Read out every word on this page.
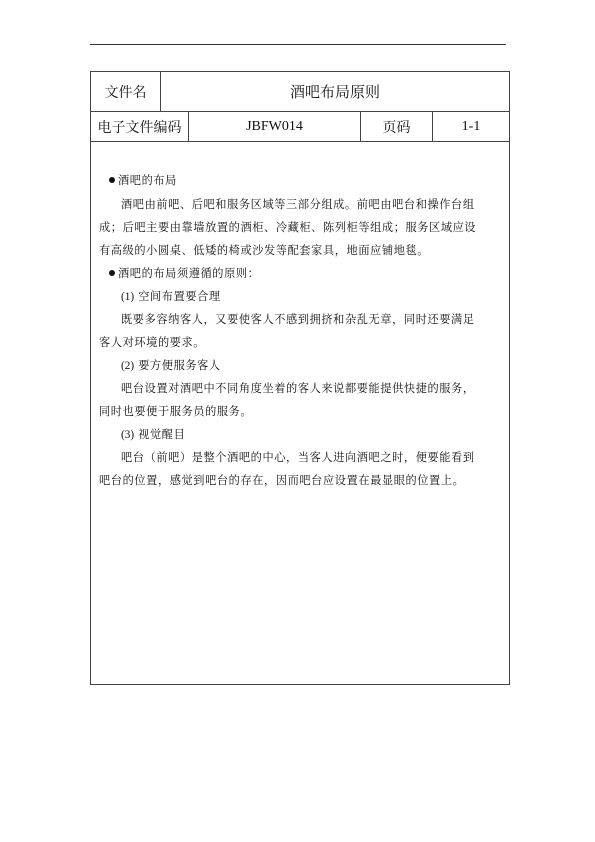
文件名	酒吧布局原则
电子文件编码	JBFW014	页码	1-1
酒吧的布局
酒吧由前吧、后吧和服务区域等三部分组成。前吧由吧台和操作台组
成；后吧主要由靠墙放置的酒柜、冷藏柜、陈列柜等组成；服务区域应设
有高级的小圆桌、低矮的椅或沙发等配套家具，地面应铺地毯。
酒吧的布局须遵循的原则：
(1) 空间布置要合理
既要多容纳客人，又要使客人不感到拥挤和杂乱无章，同时还要满足
客人对环境的要求。
(2) 要方便服务客人
吧台设置对酒吧中不同角度坐着的客人来说都要能提供快捷的服务，
同时也要便于服务员的服务。
(3) 视觉醒目
吧台（前吧）是整个酒吧的中心，当客人进向酒吧之时，便要能看到
吧台的位置，感觉到吧台的存在，因而吧台应设置在最显眼的位置上。
